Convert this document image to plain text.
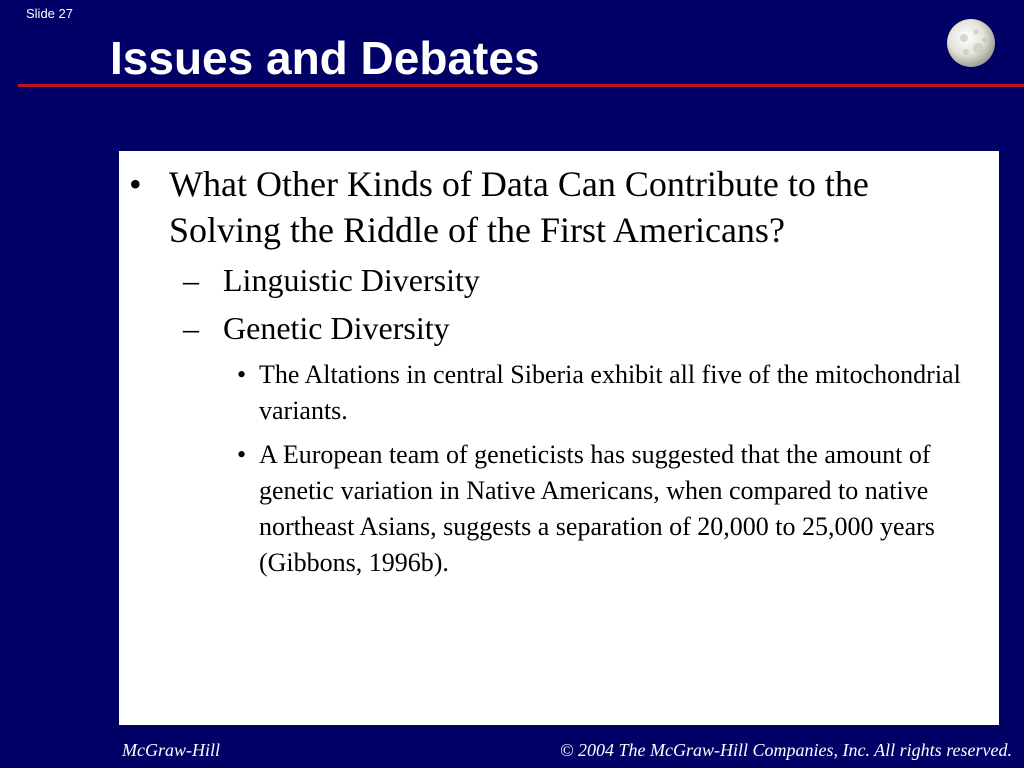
Slide 27
Issues and Debates
• What Other Kinds of Data Can Contribute to the Solving the Riddle of the First Americans?
– Linguistic Diversity
– Genetic Diversity
• The Altations in central Siberia exhibit all five of the mitochondrial variants.
• A European team of geneticists has suggested that the amount of genetic variation in Native Americans, when compared to native northeast Asians, suggests a separation of 20,000 to 25,000 years (Gibbons, 1996b).
McGraw-Hill	© 2004 The McGraw-Hill Companies, Inc. All rights reserved.
